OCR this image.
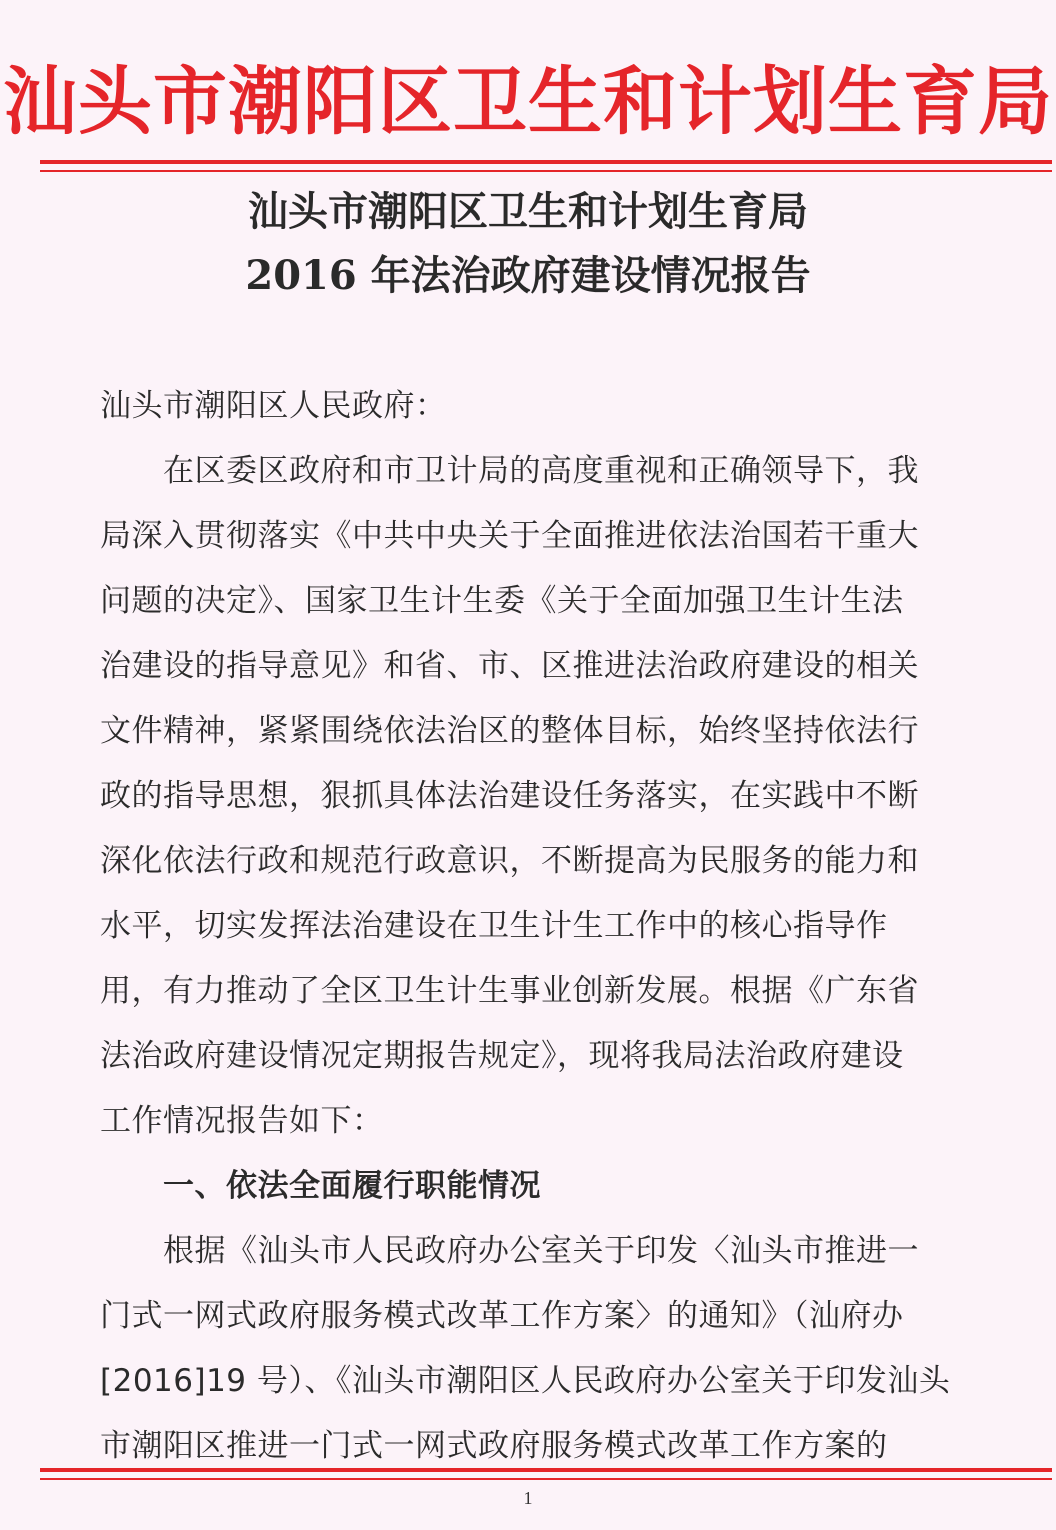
汕头市潮阳区卫生和计划生育局
汕头市潮阳区卫生和计划生育局
2016 年法治政府建设情况报告
汕头市潮阳区人民政府：
　　在区委区政府和市卫计局的高度重视和正确领导下，我
局深入贯彻落实《中共中央关于全面推进依法治国若干重大
问题的决定》、国家卫生计生委《关于全面加强卫生计生法
治建设的指导意见》和省、市、区推进法治政府建设的相关
文件精神，紧紧围绕依法治区的整体目标，始终坚持依法行
政的指导思想，狠抓具体法治建设任务落实，在实践中不断
深化依法行政和规范行政意识，不断提高为民服务的能力和
水平，切实发挥法治建设在卫生计生工作中的核心指导作
用，有力推动了全区卫生计生事业创新发展。根据《广东省
法治政府建设情况定期报告规定》，现将我局法治政府建设
工作情况报告如下：
　　一、依法全面履行职能情况
　　根据《汕头市人民政府办公室关于印发〈汕头市推进一
门式一网式政府服务模式改革工作方案〉的通知》（汕府办
[2016]19 号）、《汕头市潮阳区人民政府办公室关于印发汕头
市潮阳区推进一门式一网式政府服务模式改革工作方案的
1
